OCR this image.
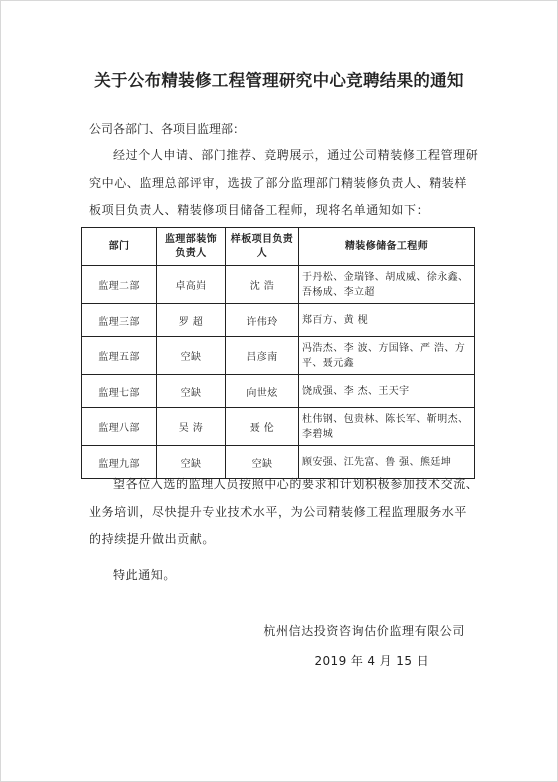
关于公布精装修工程管理研究中心竞聘结果的通知
公司各部门、各项目监理部：
经过个人申请、部门推荐、竞聘展示，通过公司精装修工程管理研究中心、监理总部评审，选拔了部分监理部门精装修负责人、精装样板项目负责人、精装修项目储备工程师，现将名单通知如下：
部门	监理部装饰负责人	样板项目负责人	精装修储备工程师
监理二部	卓高岿	沈 浩	于丹松、金瑞锋、胡成威、徐永鑫、吾杨成、李立超
监理三部	罗 超	许伟玲	郑百方、黄 枧
监理五部	空缺	吕彦南	冯浩杰、李 波、方国锋、严 浩、方 平、聂元鑫
监理七部	空缺	向世炫	饶成强、李 杰、王天宇
监理八部	吴 涛	聂 伦	杜伟钢、包贵林、陈长军、靳明杰、李碧城
监理九部	空缺	空缺	顾安强、江先富、鲁 强、熊廷坤
望各位入选的监理人员按照中心的要求和计划积极参加技术交流、业务培训，尽快提升专业技术水平，为公司精装修工程监理服务水平的持续提升做出贡献。
特此通知。
杭州信达投资咨询估价监理有限公司
2019 年 4 月 15 日
